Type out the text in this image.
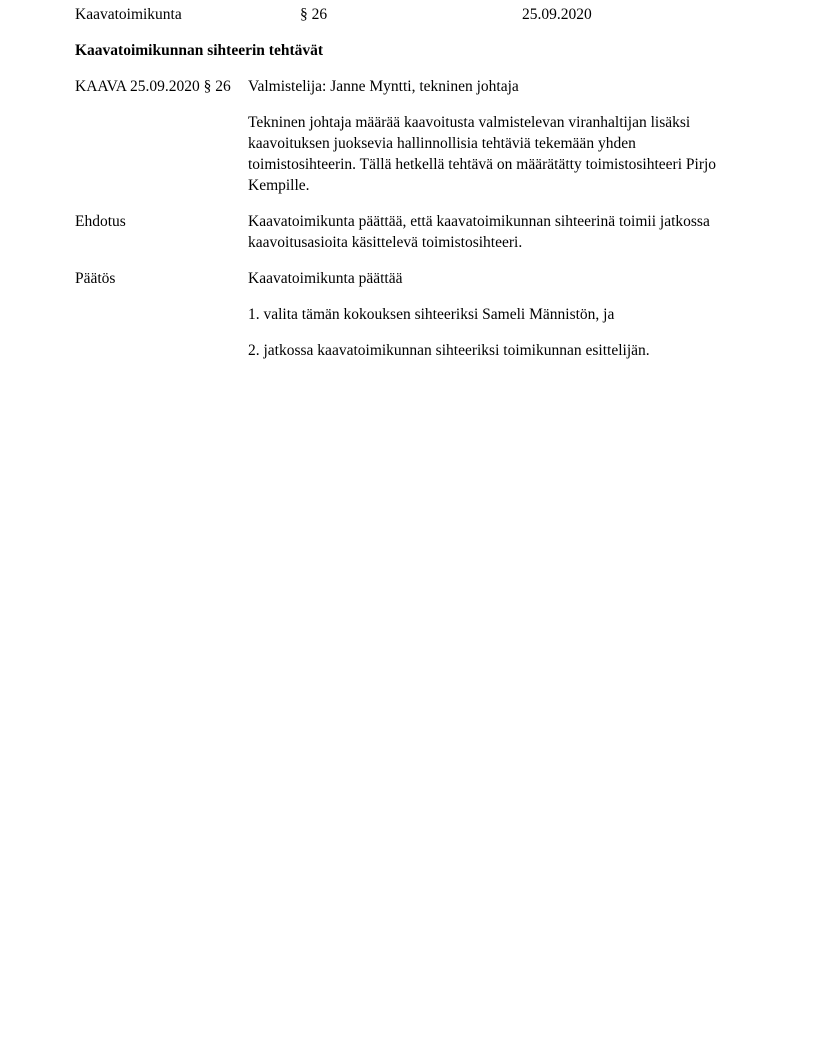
Kaavatoimikunta	§ 26	25.09.2020

Kaavatoimikunnan sihteerin tehtävät

KAAVA 25.09.2020 § 26	Valmistelija: Janne Myntti, tekninen johtaja

Tekninen johtaja määrää kaavoitusta valmistelevan viranhaltijan lisäksi kaavoituksen juoksevia hallinnollisia tehtäviä tekemään yhden toimistosihteerin. Tällä hetkellä tehtävä on määrätätty toimistosihteeri Pirjo Kempille.

Ehdotus	Kaavatoimikunta päättää, että kaavatoimikunnan sihteerinä toimii jatkossa kaavoitusasioita käsittelevä toimistosihteeri.

Päätös	Kaavatoimikunta päättää

1. valita tämän kokouksen sihteeriksi Sameli Männistön, ja

2. jatkossa kaavatoimikunnan sihteeriksi toimikunnan esittelijän.
